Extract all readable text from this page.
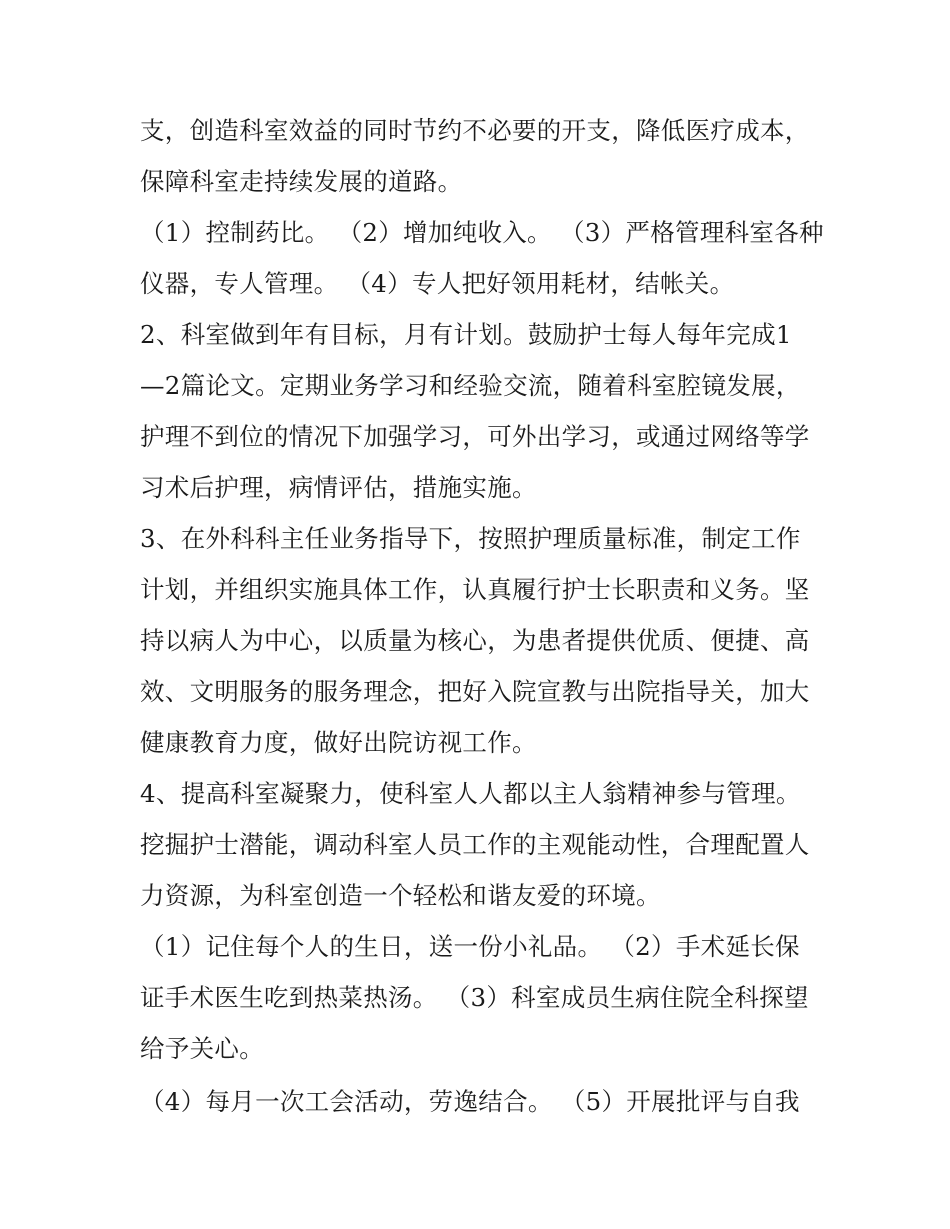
支，创造科室效益的同时节约不必要的开支，降低医疗成本，
保障科室走持续发展的道路。
（1）控制药比。 （2）增加纯收入。 （3）严格管理科室各种
仪器，专人管理。 （4）专人把好领用耗材，结帐关。
2、科室做到年有目标，月有计划。鼓励护士每人每年完成1
—2篇论文。定期业务学习和经验交流，随着科室腔镜发展，
护理不到位的情况下加强学习，可外出学习，或通过网络等学
习术后护理，病情评估，措施实施。
3、在外科科主任业务指导下，按照护理质量标准，制定工作
计划，并组织实施具体工作，认真履行护士长职责和义务。坚
持以病人为中心，以质量为核心，为患者提供优质、便捷、高
效、文明服务的服务理念，把好入院宣教与出院指导关，加大
健康教育力度，做好出院访视工作。
4、提高科室凝聚力，使科室人人都以主人翁精神参与管理。
挖掘护士潜能，调动科室人员工作的主观能动性，合理配置人
力资源，为科室创造一个轻松和谐友爱的环境。
（1）记住每个人的生日，送一份小礼品。 （2）手术延长保
证手术医生吃到热菜热汤。 （3）科室成员生病住院全科探望
给予关心。
（4）每月一次工会活动，劳逸结合。 （5）开展批评与自我
